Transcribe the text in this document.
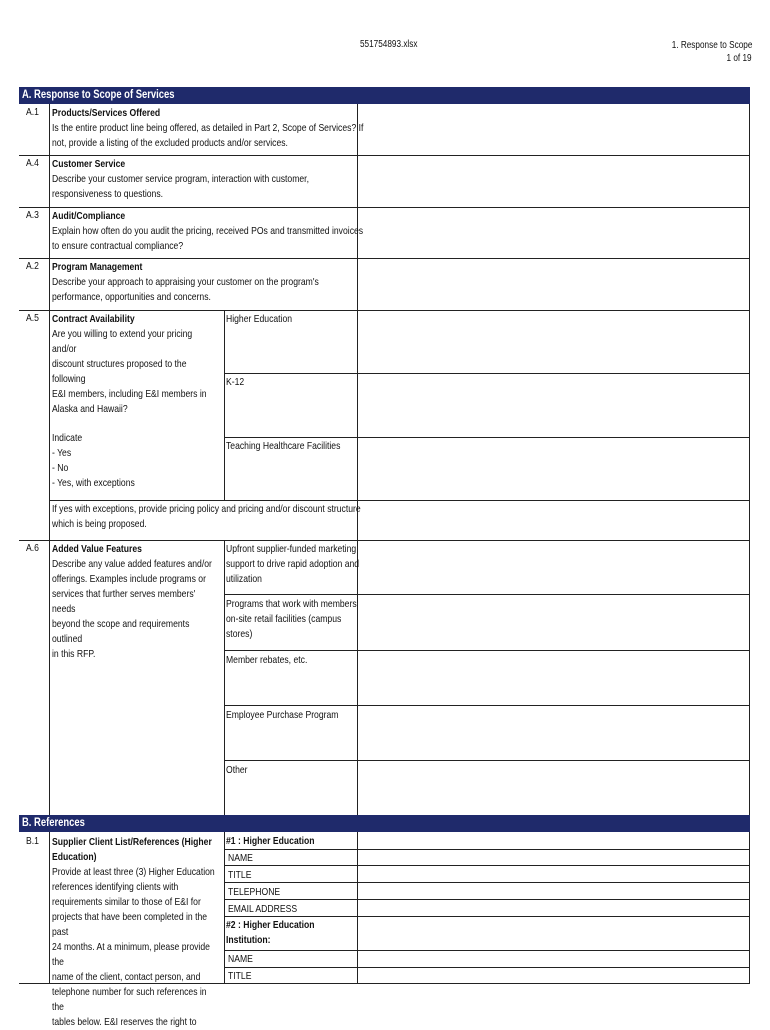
551754893.xlsx	1. Response to Scope
1 of 19
A. Response to Scope of Services
B. References
A.1 Products/Services Offered
Is the entire product line being offered, as detailed in Part 2, Scope of Services? If
not, provide a listing of the excluded products and/or services.
A.4 Customer Service
Describe your customer service program, interaction with customer,
responsiveness to questions.
A.3 Audit/Compliance
Explain how often do you audit the pricing, received POs and transmitted invoices
to ensure contractual compliance?
A.2 Program Management
Describe your approach to appraising your customer on the program's
performance, opportunities and concerns.
A.5 Contract Availability
Are you willing to extend your pricing and/or
discount structures proposed to the following
E&I members, including E&I members in
Alaska and Hawaii?
Indicate
- Yes
- No
- Yes, with exceptions
Higher Education
K-12
Teaching Healthcare Facilities
If yes with exceptions, provide pricing policy and pricing and/or discount structure
which is being proposed.
A.6 Added Value Features
Describe any value added features and/or
offerings. Examples include programs or
services that further serves members' needs
beyond the scope and requirements outlined
in this RFP.
Upfront supplier-funded marketing
support to drive rapid adoption and
utilization
Programs that work with members'
on-site retail facilities (campus
stores)
Member rebates, etc.
Employee Purchase Program
Other
B.1 Supplier Client List/References (Higher
Education)
Provide at least three (3) Higher Education
references identifying clients with
requirements similar to those of E&I for
projects that have been completed in the past
24 months. At a minimum, please provide the
name of the client, contact person, and
telephone number for such references in the
tables below. E&I reserves the right to
#1 : Higher Education
NAME
TITLE
TELEPHONE
EMAIL ADDRESS
#2 : Higher Education
Institution:
NAME
TITLE
